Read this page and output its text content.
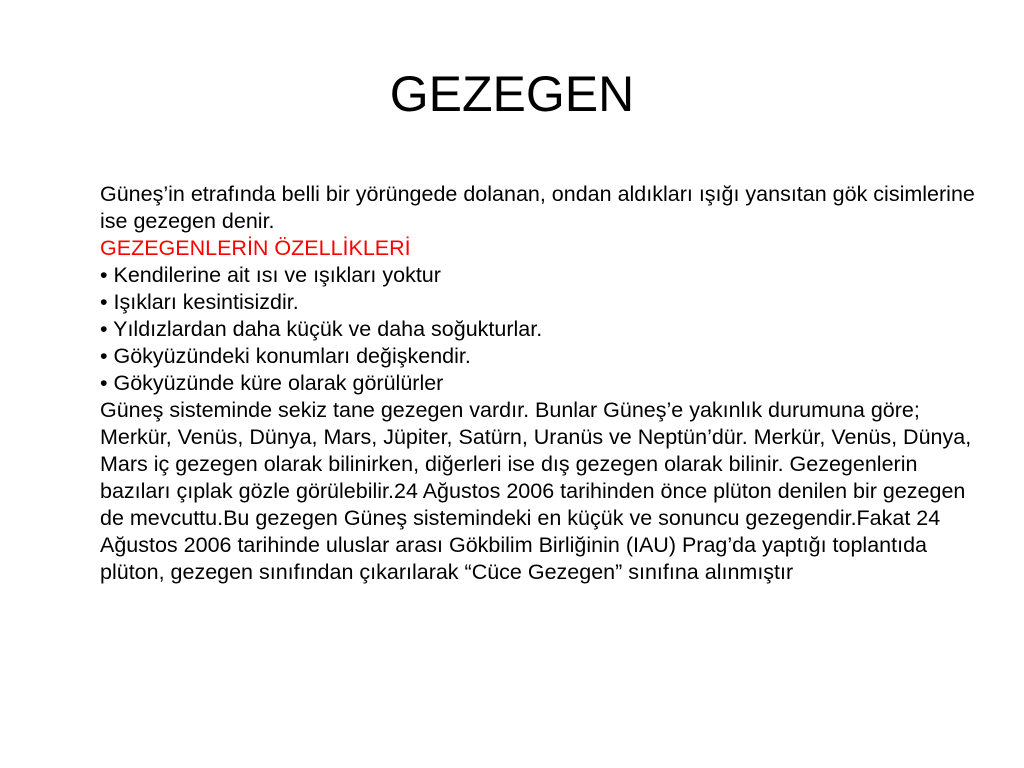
GEZEGEN

Güneş’in etrafında belli bir yörüngede dolanan, ondan aldıkları ışığı yansıtan gök cisimlerine ise gezegen denir.

GEZEGENLERİN ÖZELLİKLERİ

• Kendilerine ait ısı ve ışıkları yoktur

• Işıkları kesintisizdir.

• Yıldızlardan daha küçük ve daha soğukturlar.

• Gökyüzündeki konumları değişkendir.

• Gökyüzünde küre olarak görülürler

Güneş sisteminde sekiz tane gezegen vardır. Bunlar Güneş’e yakınlık durumuna göre; Merkür, Venüs, Dünya, Mars, Jüpiter, Satürn, Uranüs ve Neptün’dür. Merkür, Venüs, Dünya, Mars iç gezegen olarak bilinirken, diğerleri ise dış gezegen olarak bilinir. Gezegenlerin bazıları çıplak gözle görülebilir.24 Ağustos 2006 tarihinden önce plüton denilen bir gezegen de mevcuttu.Bu gezegen Güneş sistemindeki en küçük ve sonuncu gezegendir.Fakat 24 Ağustos 2006 tarihinde uluslar arası Gökbilim Birliğinin (IAU) Prag’da yaptığı toplantıda plüton, gezegen sınıfından çıkarılarak “Cüce Gezegen” sınıfına alınmıştır
